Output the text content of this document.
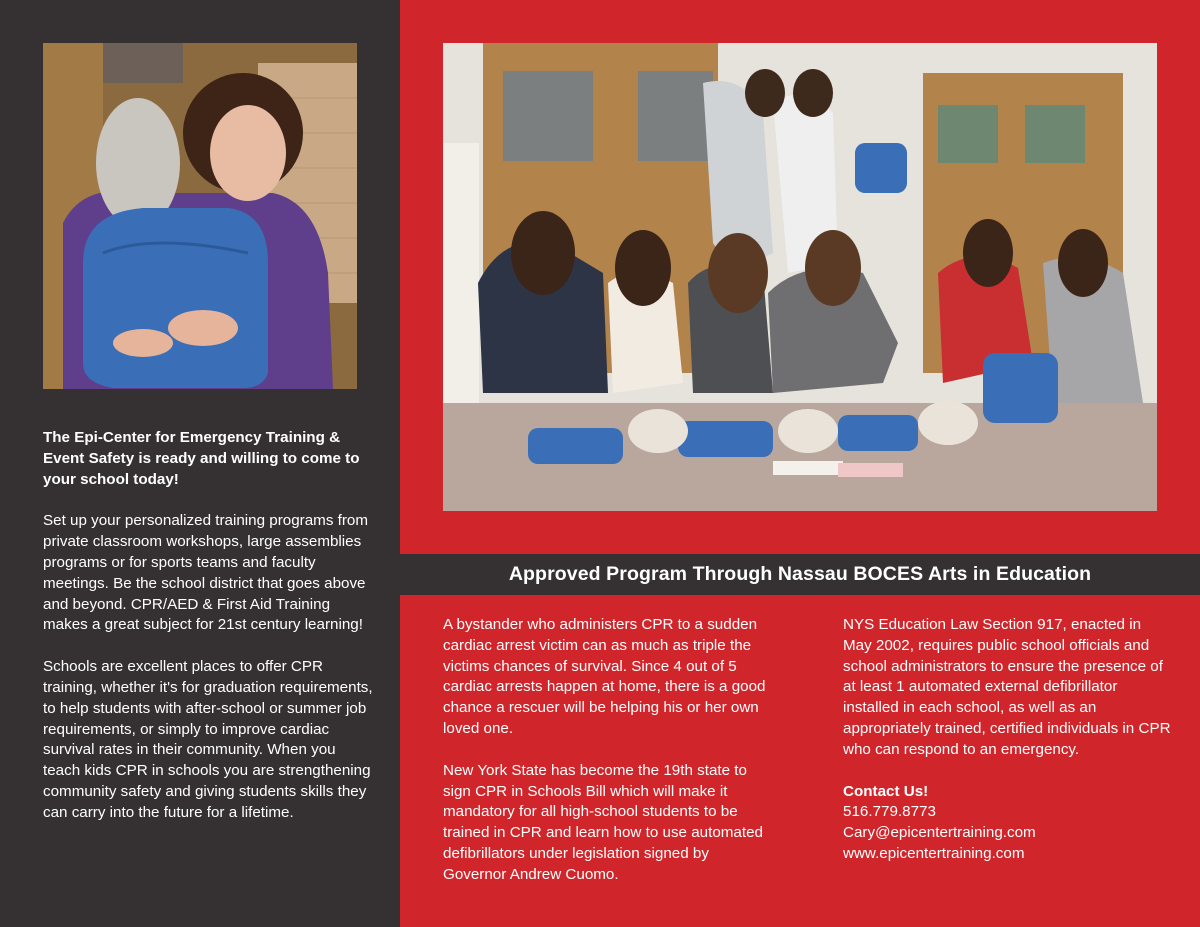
The Epi-Center for Emergency Training & Event Safety is ready and willing to come to your school today!

Set up your personalized training programs from private classroom workshops, large assemblies programs or for sports teams and faculty meetings. Be the school district that goes above and beyond. CPR/AED & First Aid Training makes a great subject for 21st century learning!

Schools are excellent places to offer CPR training, whether it's for graduation requirements, to help students with after-school or summer job requirements, or simply to improve cardiac survival rates in their community. When you teach kids CPR in schools you are strengthening community safety and giving students skills they can carry into the future for a lifetime.

Approved Program Through Nassau BOCES Arts in Education

A bystander who administers CPR to a sudden cardiac arrest victim can as much as triple the victims chances of survival. Since 4 out of 5 cardiac arrests happen at home, there is a good chance a rescuer will be helping his or her own loved one.

New York State has become the 19th state to sign CPR in Schools Bill which will make it mandatory for all high-school students to be trained in CPR and learn how to use automated defibrillators under legislation signed by Governor Andrew Cuomo.

NYS Education Law Section 917, enacted in May 2002, requires public school officials and school administrators to ensure the presence of at least 1 automated external defibrillator installed in each school, as well as an appropriately trained, certified individuals in CPR who can respond to an emergency.

Contact Us!
516.779.8773
Cary@epicentertraining.com
www.epicentertraining.com
